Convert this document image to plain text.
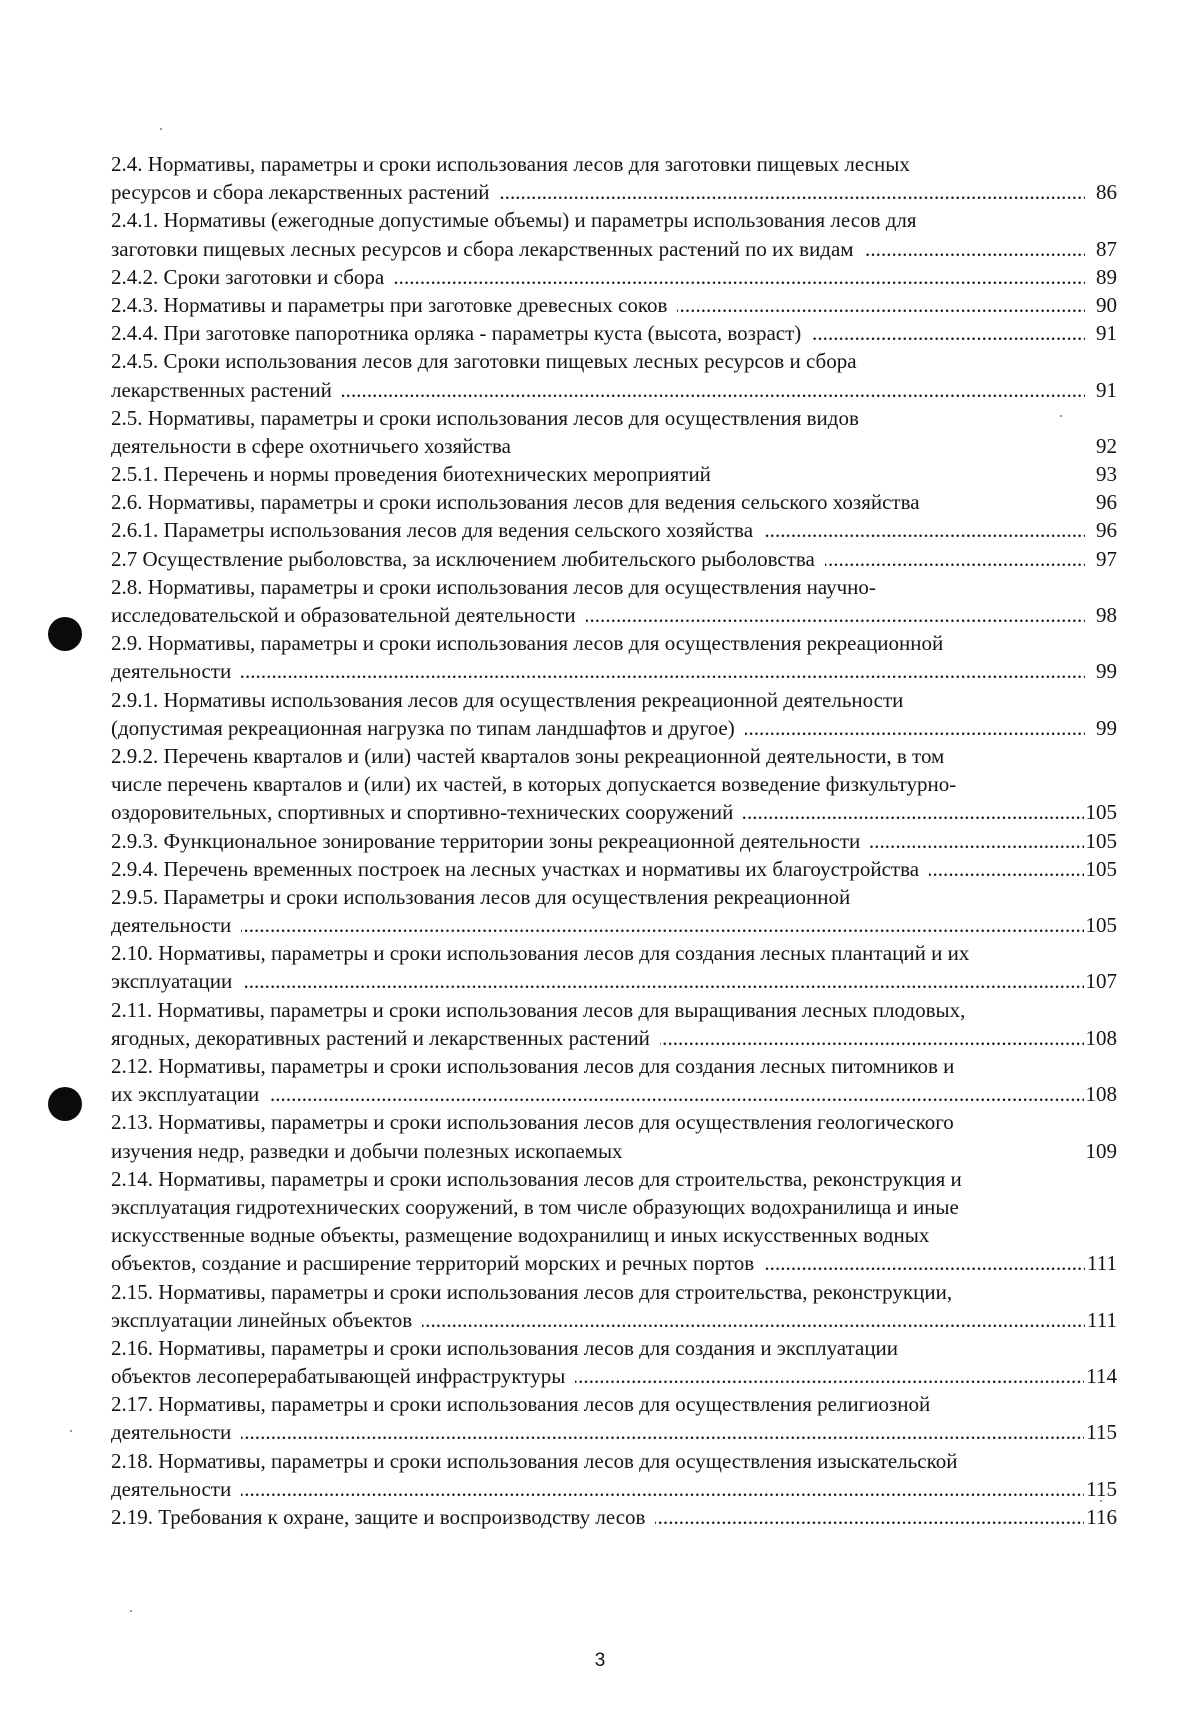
2.4. Нормативы, параметры и сроки использования лесов для заготовки пищевых лесных
ресурсов и сбора лекарственных растений . . .	86
2.4.1. Нормативы (ежегодные допустимые объемы) и параметры использования лесов для
заготовки пищевых лесных ресурсов и сбора лекарственных растений по их видам . . .	87
2.4.2. Сроки заготовки и сбора . . .	89
2.4.3. Нормативы и параметры при заготовке древесных соков . . .	90
2.4.4. При заготовке папоротника орляка - параметры куста (высота, возраст) . . .	91
2.4.5. Сроки использования лесов для заготовки пищевых лесных ресурсов и сбора
лекарственных растений . . .	91
2.5. Нормативы, параметры и сроки использования лесов для осуществления видов
деятельности в сфере охотничьего хозяйства	92
2.5.1. Перечень и нормы проведения биотехнических мероприятий	93
2.6. Нормативы, параметры и сроки использования лесов для ведения сельского хозяйства	96
2.6.1. Параметры использования лесов для ведения сельского хозяйства . . .	96
2.7 Осуществление рыболовства, за исключением любительского рыболовства . . .	97
2.8. Нормативы, параметры и сроки использования лесов для осуществления научно-
исследовательской и образовательной деятельности . . .	98
2.9. Нормативы, параметры и сроки использования лесов для осуществления рекреационной
деятельности . . .	99
2.9.1. Нормативы использования лесов для осуществления рекреационной деятельности
(допустимая рекреационная нагрузка по типам ландшафтов и другое) . . .	99
2.9.2. Перечень кварталов и (или) частей кварталов зоны рекреационной деятельности, в том
числе перечень кварталов и (или) их частей, в которых допускается возведение физкультурно-
оздоровительных, спортивных и спортивно-технических сооружений . . .	105
2.9.3. Функциональное зонирование территории зоны рекреационной деятельности . . .	105
2.9.4. Перечень временных построек на лесных участках и нормативы их благоустройства . . .	105
2.9.5. Параметры и сроки использования лесов для осуществления рекреационной
деятельности . . .	105
2.10. Нормативы, параметры и сроки использования лесов для создания лесных плантаций и их
эксплуатации . . .	107
2.11. Нормативы, параметры и сроки использования лесов для выращивания лесных плодовых,
ягодных, декоративных растений и лекарственных растений . . .	108
2.12. Нормативы, параметры и сроки использования лесов для создания лесных питомников и
их эксплуатации . . .	108
2.13. Нормативы, параметры и сроки использования лесов для осуществления геологического
изучения недр, разведки и добычи полезных ископаемых	109
2.14. Нормативы, параметры и сроки использования лесов для строительства, реконструкция и
эксплуатация гидротехнических сооружений, в том числе образующих водохранилища и иные
искусственные водные объекты, размещение водохранилищ и иных искусственных водных
объектов, создание и расширение территорий морских и речных портов . . .	111
2.15. Нормативы, параметры и сроки использования лесов для строительства, реконструкции,
эксплуатации линейных объектов . . .	111
2.16. Нормативы, параметры и сроки использования лесов для создания и эксплуатации
объектов лесоперерабатывающей инфраструктуры . . .	114
2.17. Нормативы, параметры и сроки использования лесов для осуществления религиозной
деятельности . . .	115
2.18. Нормативы, параметры и сроки использования лесов для осуществления изыскательской
деятельности . . .	115
2.19. Требования к охране, защите и воспроизводству лесов . . .	116
3
